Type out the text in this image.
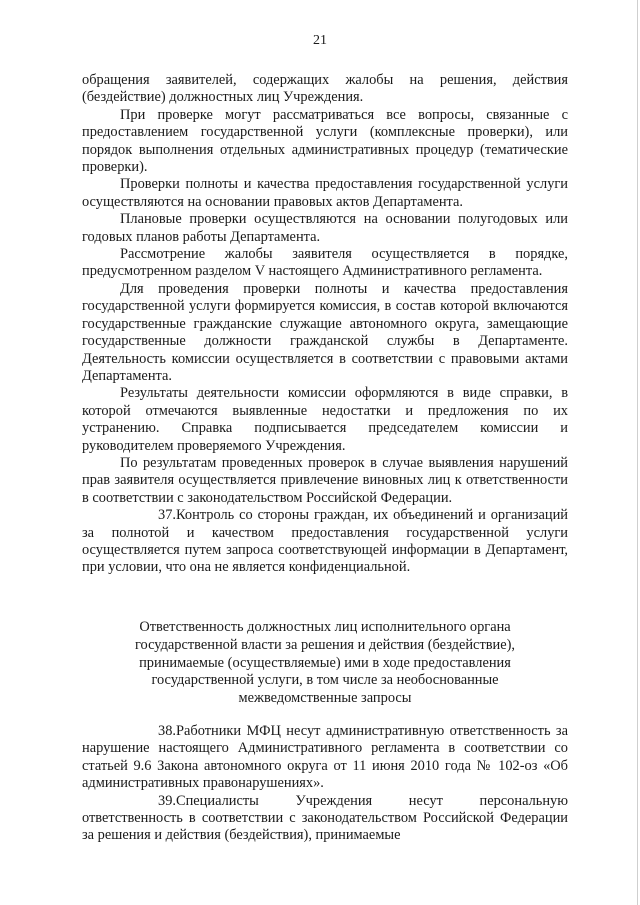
21

обращения заявителей, содержащих жалобы на решения, действия (бездействие) должностных лиц Учреждения.

При проверке могут рассматриваться все вопросы, связанные с предоставлением государственной услуги (комплексные проверки), или порядок выполнения отдельных административных процедур (тематические проверки).

Проверки полноты и качества предоставления государственной услуги осуществляются на основании правовых актов Департамента.

Плановые проверки осуществляются на основании полугодовых или годовых планов работы Департамента.

Рассмотрение жалобы заявителя осуществляется в порядке, предусмотренном разделом V настоящего Административного регламента.

Для проведения проверки полноты и качества предоставления государственной услуги формируется комиссия, в состав которой включаются государственные гражданские служащие автономного округа, замещающие государственные должности гражданской службы в Департаменте. Деятельность комиссии осуществляется в соответствии с правовыми актами Департамента.

Результаты деятельности комиссии оформляются в виде справки, в которой отмечаются выявленные недостатки и предложения по их устранению. Справка подписывается председателем комиссии и руководителем проверяемого Учреждения.

По результатам проведенных проверок в случае выявления нарушений прав заявителя осуществляется привлечение виновных лиц к ответственности в соответствии с законодательством Российской Федерации.

37.Контроль со стороны граждан, их объединений и организаций за полнотой и качеством предоставления государственной услуги осуществляется путем запроса соответствующей информации в Департамент, при условии, что она не является конфиденциальной.

Ответственность должностных лиц исполнительного органа государственной власти за решения и действия (бездействие), принимаемые (осуществляемые) ими в ходе предоставления государственной услуги, в том числе за необоснованные межведомственные запросы

38.Работники МФЦ несут административную ответственность за нарушение настоящего Административного регламента в соответствии со статьей 9.6 Закона автономного округа от 11 июня 2010 года № 102-оз «Об административных правонарушениях».

39.Специалисты Учреждения несут персональную ответственность в соответствии с законодательством Российской Федерации за решения и действия (бездействия), принимаемые
